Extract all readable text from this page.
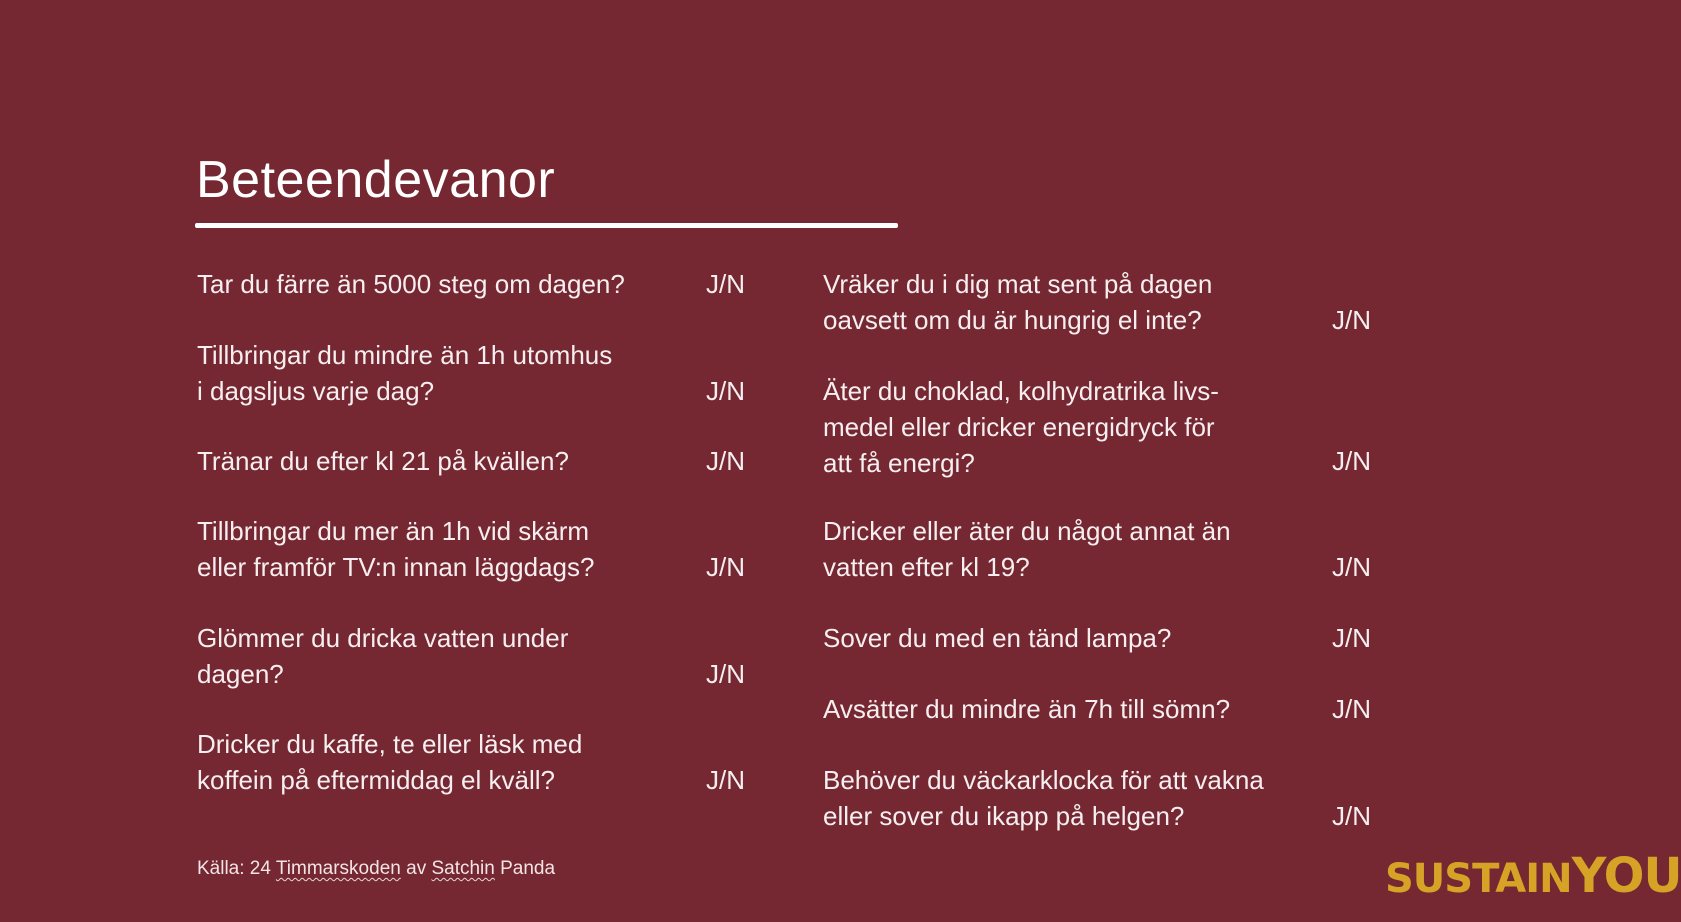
Beteendevanor

Tar du färre än 5000 steg om dagen?	J/N

Tillbringar du mindre än 1h utomhus
i dagsljus varje dag?	J/N

Tränar du efter kl 21 på kvällen?	J/N

Tillbringar du mer än 1h vid skärm
eller framför TV:n innan läggdags?	J/N

Glömmer du dricka vatten under
dagen?	J/N

Dricker du kaffe, te eller läsk med
koffein på eftermiddag el kväll?	J/N

Vräker du i dig mat sent på dagen
oavsett om du är hungrig el inte?	J/N

Äter du choklad, kolhydratrika livs-
medel eller dricker energidryck för
att få energi?	J/N

Dricker eller äter du något annat än
vatten efter kl 19?	J/N

Sover du med en tänd lampa?	J/N

Avsätter du mindre än 7h till sömn?	J/N

Behöver du väckarklocka för att vakna
eller sover du ikapp på helgen?	J/N

Källa: 24 Timmarskoden av Satchin Panda	SUSTAINYOU
